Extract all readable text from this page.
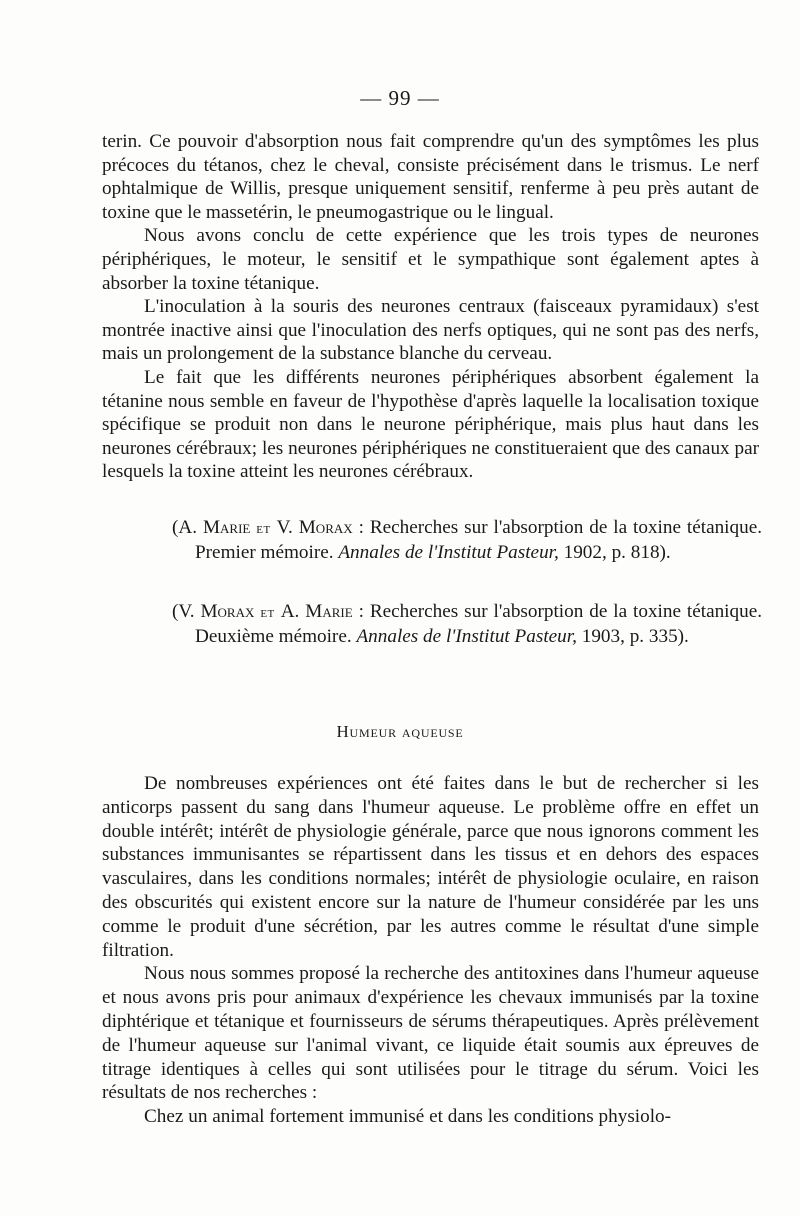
— 99 —

terin. Ce pouvoir d'absorption nous fait comprendre qu'un des symptômes les plus précoces du tétanos, chez le cheval, consiste précisément dans le trismus. Le nerf ophtalmique de Willis, presque uniquement sensitif, renferme à peu près autant de toxine que le massetérin, le pneumogastrique ou le lingual.

Nous avons conclu de cette expérience que les trois types de neurones périphériques, le moteur, le sensitif et le sympathique sont également aptes à absorber la toxine tétanique.

L'inoculation à la souris des neurones centraux (faisceaux pyramidaux) s'est montrée inactive ainsi que l'inoculation des nerfs optiques, qui ne sont pas des nerfs, mais un prolongement de la substance blanche du cerveau.

Le fait que les différents neurones périphériques absorbent également la tétanine nous semble en faveur de l'hypothèse d'après laquelle la localisation toxique spécifique se produit non dans le neurone périphérique, mais plus haut dans les neurones cérébraux; les neurones périphériques ne constitueraient que des canaux par lesquels la toxine atteint les neurones cérébraux.

(A. Marie et V. Morax : Recherches sur l'absorption de la toxine tétanique. Premier mémoire. Annales de l'Institut Pasteur, 1902, p. 818).

(V. Morax et A. Marie : Recherches sur l'absorption de la toxine tétanique. Deuxième mémoire. Annales de l'Institut Pasteur, 1903, p. 335).

Humeur aqueuse

De nombreuses expériences ont été faites dans le but de rechercher si les anticorps passent du sang dans l'humeur aqueuse. Le problème offre en effet un double intérêt; intérêt de physiologie générale, parce que nous ignorons comment les substances immunisantes se répartissent dans les tissus et en dehors des espaces vasculaires, dans les conditions normales; intérêt de physiologie oculaire, en raison des obscurités qui existent encore sur la nature de l'humeur considérée par les uns comme le produit d'une sécrétion, par les autres comme le résultat d'une simple filtration.

Nous nous sommes proposé la recherche des antitoxines dans l'humeur aqueuse et nous avons pris pour animaux d'expérience les chevaux immunisés par la toxine diphtérique et tétanique et fournisseurs de sérums thérapeutiques. Après prélèvement de l'humeur aqueuse sur l'animal vivant, ce liquide était soumis aux épreuves de titrage identiques à celles qui sont utilisées pour le titrage du sérum. Voici les résultats de nos recherches :

Chez un animal fortement immunisé et dans les conditions physiolo-
